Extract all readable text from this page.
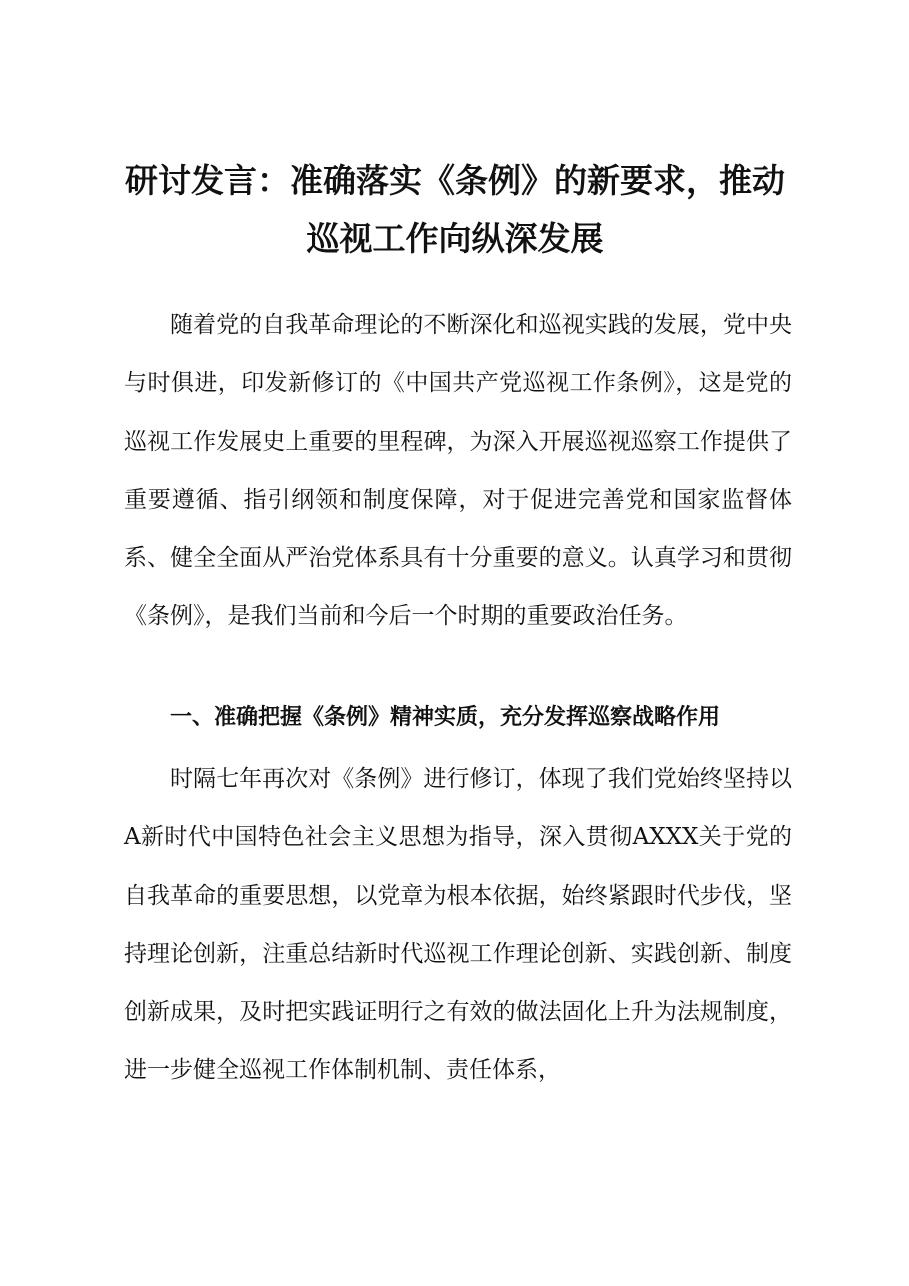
研讨发言：准确落实《条例》的新要求，推动
巡视工作向纵深发展

随着党的自我革命理论的不断深化和巡视实践的发展，党中央与时俱进，印发新修订的《中国共产党巡视工作条例》，这是党的巡视工作发展史上重要的里程碑，为深入开展巡视巡察工作提供了重要遵循、指引纲领和制度保障，对于促进完善党和国家监督体系、健全全面从严治党体系具有十分重要的意义。认真学习和贯彻《条例》，是我们当前和今后一个时期的重要政治任务。

一、准确把握《条例》精神实质，充分发挥巡察战略作用

时隔七年再次对《条例》进行修订，体现了我们党始终坚持以A新时代中国特色社会主义思想为指导，深入贯彻AXXX关于党的自我革命的重要思想，以党章为根本依据，始终紧跟时代步伐，坚持理论创新，注重总结新时代巡视工作理论创新、实践创新、制度创新成果，及时把实践证明行之有效的做法固化上升为法规制度，进一步健全巡视工作体制机制、责任体系，
